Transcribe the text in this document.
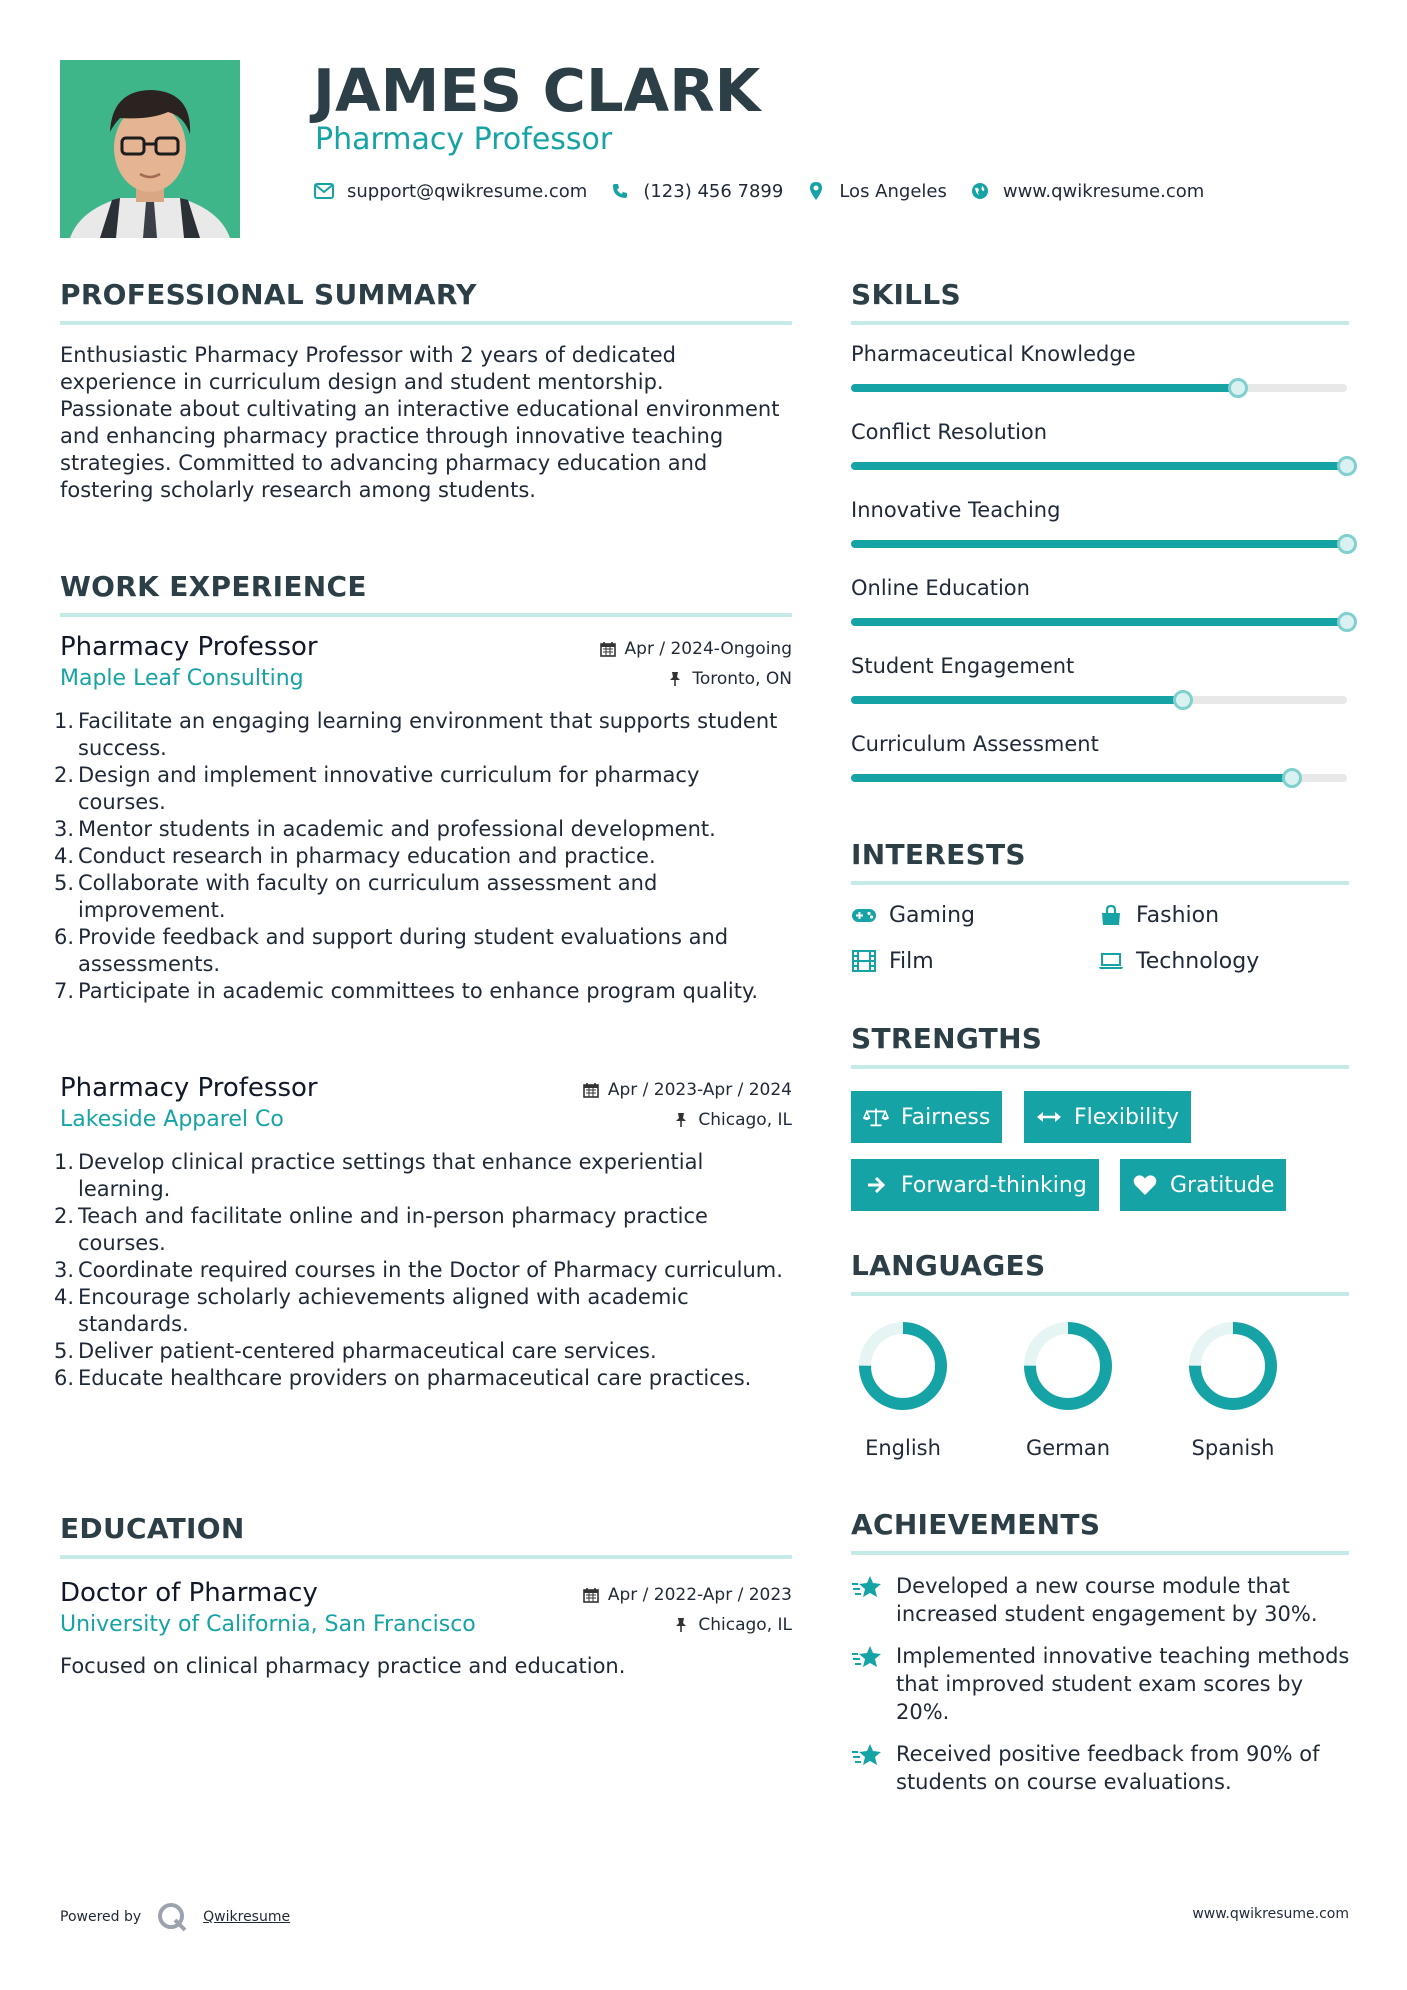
JAMES CLARK
Pharmacy Professor
support@qwikresume.com	(123) 456 7899	Los Angeles	www.qwikresume.com
PROFESSIONAL SUMMARY
Enthusiastic Pharmacy Professor with 2 years of dedicated experience in curriculum design and student mentorship. Passionate about cultivating an interactive educational environment and enhancing pharmacy practice through innovative teaching strategies. Committed to advancing pharmacy education and fostering scholarly research among students.
WORK EXPERIENCE
Pharmacy Professor	Apr / 2024-Ongoing
Maple Leaf Consulting	Toronto, ON
1. Facilitate an engaging learning environment that supports student success.
2. Design and implement innovative curriculum for pharmacy courses.
3. Mentor students in academic and professional development.
4. Conduct research in pharmacy education and practice.
5. Collaborate with faculty on curriculum assessment and improvement.
6. Provide feedback and support during student evaluations and assessments.
7. Participate in academic committees to enhance program quality.
Pharmacy Professor	Apr / 2023-Apr / 2024
Lakeside Apparel Co	Chicago, IL
1. Develop clinical practice settings that enhance experiential learning.
2. Teach and facilitate online and in-person pharmacy practice courses.
3. Coordinate required courses in the Doctor of Pharmacy curriculum.
4. Encourage scholarly achievements aligned with academic standards.
5. Deliver patient-centered pharmaceutical care services.
6. Educate healthcare providers on pharmaceutical care practices.
EDUCATION
Doctor of Pharmacy	Apr / 2022-Apr / 2023
University of California, San Francisco	Chicago, IL
Focused on clinical pharmacy practice and education.
SKILLS
Pharmaceutical Knowledge
Conflict Resolution
Innovative Teaching
Online Education
Student Engagement
Curriculum Assessment
INTERESTS
Gaming	Fashion
Film	Technology
STRENGTHS
Fairness	Flexibility
Forward-thinking	Gratitude
LANGUAGES
English	German	Spanish
ACHIEVEMENTS
Developed a new course module that increased student engagement by 30%.
Implemented innovative teaching methods that improved student exam scores by 20%.
Received positive feedback from 90% of students on course evaluations.
Powered by	Qwikresume	www.qwikresume.com
